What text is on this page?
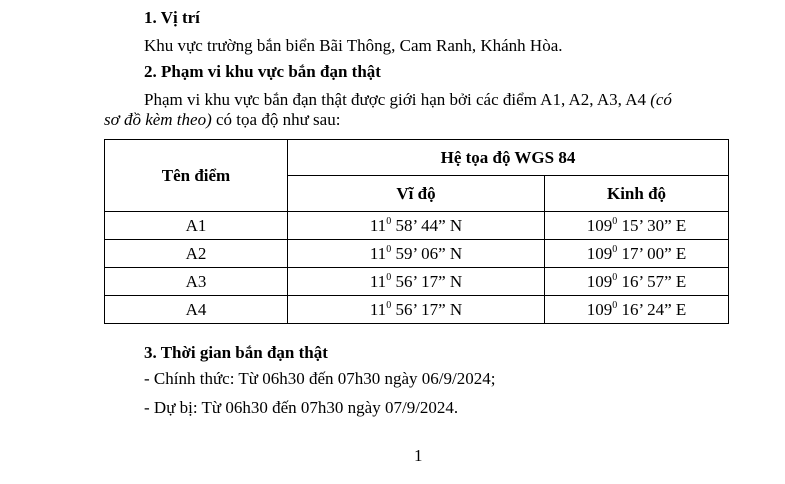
1. Vị trí
Khu vực trường bắn biển Bãi Thông, Cam Ranh, Khánh Hòa.
2. Phạm vi khu vực bắn đạn thật
Phạm vi khu vực bắn đạn thật được giới hạn bởi các điểm A1, A2, A3, A4 (có
sơ đồ kèm theo) có tọa độ như sau:
Tên điểm	Hệ tọa độ WGS 84	
	Vĩ độ	Kinh độ
A1	$11^0$ 58’ 44” N	$109^0$ 15’ 30” E
A2	$11^0$ 59’ 06” N	$109^0$ 17’ 00” E
A3	$11^0$ 56’ 17” N	$109^0$ 16’ 57” E
A4	$11^0$ 56’ 17” N	$109^0$ 16’ 24” E
3. Thời gian bắn đạn thật
- Chính thức: Từ 06h30 đến 07h30 ngày 06/9/2024;
- Dự bị: Từ 06h30 đến 07h30 ngày 07/9/2024.
1
